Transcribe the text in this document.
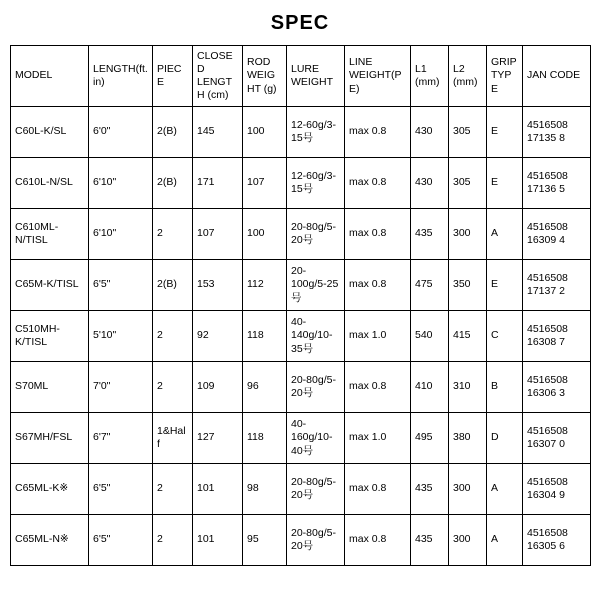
SPEC
MODEL	LENGTH(ft.in)	PIECE	CLOSED LENGTH (cm)	ROD WEIGHT (g)	LURE WEIGHT	LINE WEIGHT(PE)	L1 (mm)	L2 (mm)	GRIP TYPE	JAN CODE
C60L-K/SL	6'0"	2(B)	145	100	12-60g/3-15号	max 0.8	430	305	E	4516508 17135 8
C610L-N/SL	6'10"	2(B)	171	107	12-60g/3-15号	max 0.8	430	305	E	4516508 17136 5
C610ML-N/TISL	6'10"	2	107	100	20-80g/5-20号	max 0.8	435	300	A	4516508 16309 4
C65M-K/TISL	6'5"	2(B)	153	112	20-100g/5-25号	max 0.8	475	350	E	4516508 17137 2
C510MH-K/TISL	5'10"	2	92	118	40-140g/10-35号	max 1.0	540	415	C	4516508 16308 7
S70ML	7'0"	2	109	96	20-80g/5-20号	max 0.8	410	310	B	4516508 16306 3
S67MH/FSL	6'7"	1&Half	127	118	40-160g/10-40号	max 1.0	495	380	D	4516508 16307 0
C65ML-K※	6'5"	2	101	98	20-80g/5-20号	max 0.8	435	300	A	4516508 16304 9
C65ML-N※	6'5"	2	101	95	20-80g/5-20号	max 0.8	435	300	A	4516508 16305 6
